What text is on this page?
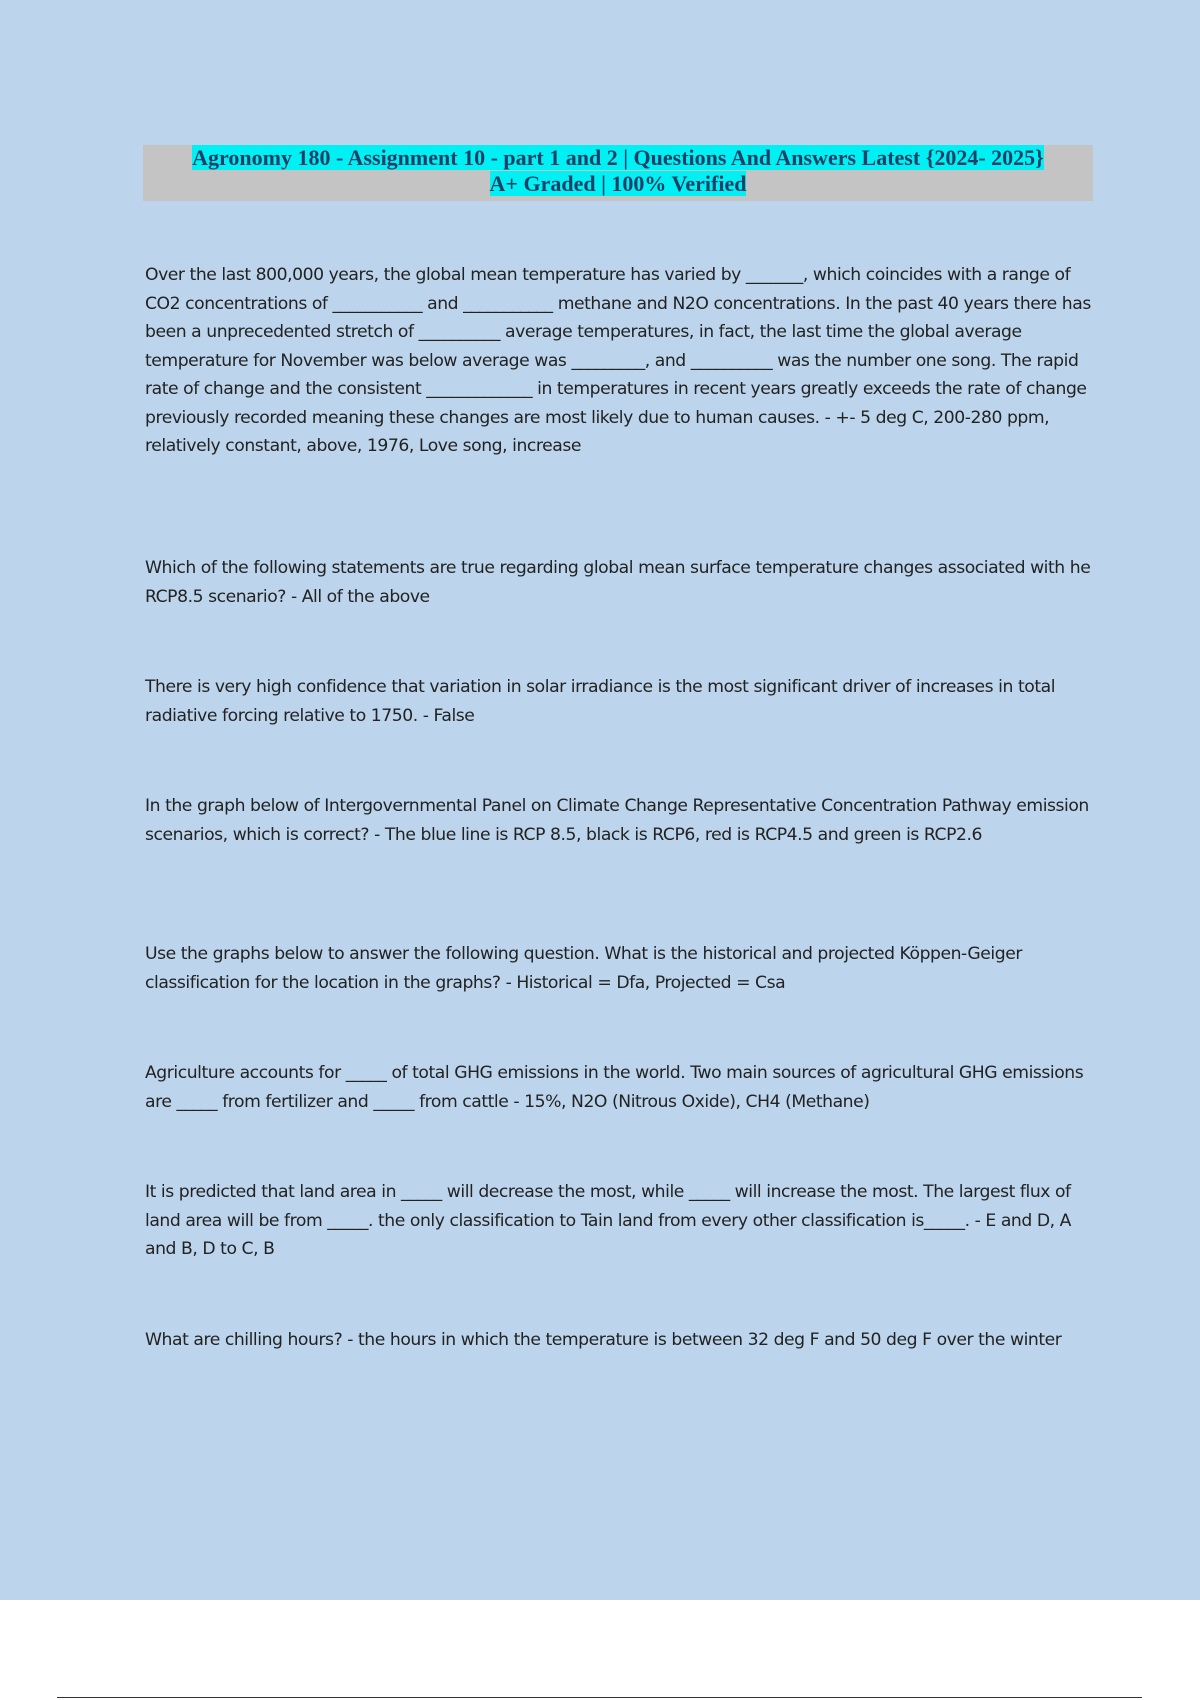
Agronomy 180 - Assignment 10 - part 1 and 2 | Questions And Answers Latest {2024- 2025}
A+ Graded | 100% Verified

Over the last 800,000 years, the global mean temperature has varied by _______, which coincides with a range of CO2 concentrations of ___________ and ___________ methane and N2O concentrations. In the past 40 years there has been a unprecedented stretch of __________ average temperatures, in fact, the last time the global average temperature for November was below average was _________, and __________ was the number one song. The rapid rate of change and the consistent _____________ in temperatures in recent years greatly exceeds the rate of change previously recorded meaning these changes are most likely due to human causes. - +- 5 deg C, 200-280 ppm, relatively constant, above, 1976, Love song, increase

Which of the following statements are true regarding global mean surface temperature changes associated with he RCP8.5 scenario? - All of the above

There is very high confidence that variation in solar irradiance is the most significant driver of increases in total radiative forcing relative to 1750. - False

In the graph below of Intergovernmental Panel on Climate Change Representative Concentration Pathway emission scenarios, which is correct? - The blue line is RCP 8.5, black is RCP6, red is RCP4.5 and green is RCP2.6

Use the graphs below to answer the following question. What is the historical and projected Köppen-Geiger classification for the location in the graphs? - Historical = Dfa, Projected = Csa

Agriculture accounts for _____ of total GHG emissions in the world. Two main sources of agricultural GHG emissions are _____ from fertilizer and _____ from cattle - 15%, N2O (Nitrous Oxide), CH4 (Methane)

It is predicted that land area in _____ will decrease the most, while _____ will increase the most. The largest flux of land area will be from _____. the only classification to Tain land from every other classification is_____. - E and D, A and B, D to C, B

What are chilling hours? - the hours in which the temperature is between 32 deg F and 50 deg F over the winter
